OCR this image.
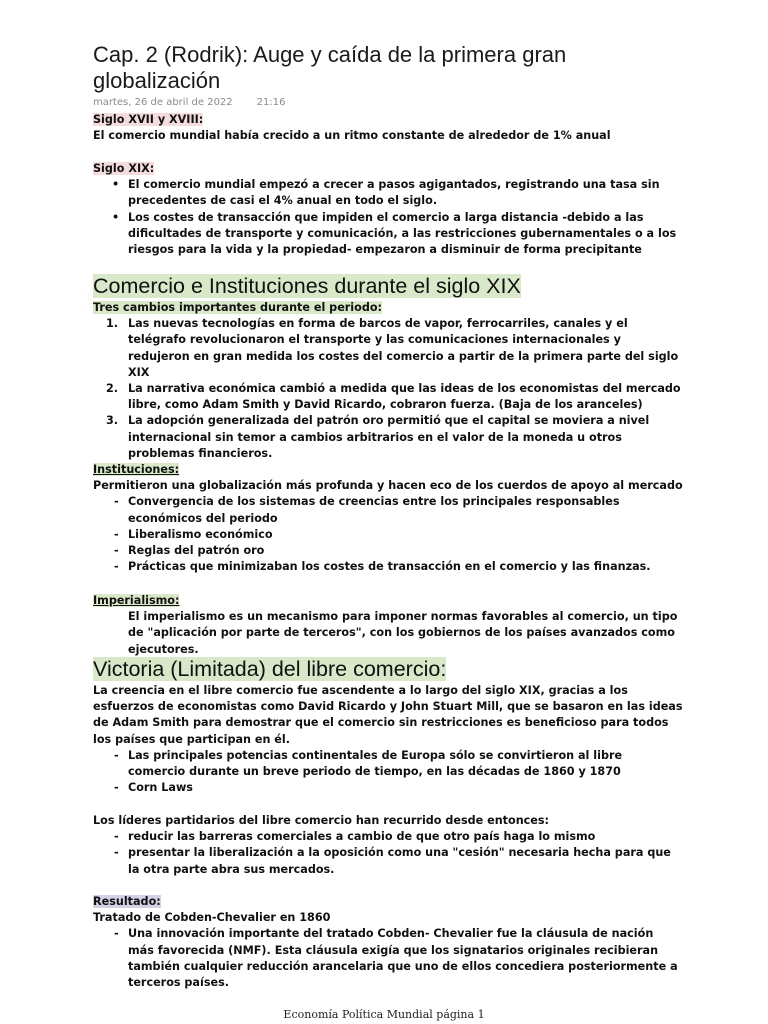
Cap. 2 (Rodrik): Auge y caída de la primera gran globalización
martes, 26 de abril de 2022 21:16
Siglo XVII y XVIII:
El comercio mundial había crecido a un ritmo constante de alrededor de 1% anual
Siglo XIX:
• El comercio mundial empezó a crecer a pasos agigantados, registrando una tasa sin precedentes de casi el 4% anual en todo el siglo.
• Los costes de transacción que impiden el comercio a larga distancia -debido a las dificultades de transporte y comunicación, a las restricciones gubernamentales o a los riesgos para la vida y la propiedad- empezaron a disminuir de forma precipitante
Comercio e Instituciones durante el siglo XIX
Tres cambios importantes durante el periodo:
1. Las nuevas tecnologías en forma de barcos de vapor, ferrocarriles, canales y el telégrafo revolucionaron el transporte y las comunicaciones internacionales y redujeron en gran medida los costes del comercio a partir de la primera parte del siglo XIX
2. La narrativa económica cambió a medida que las ideas de los economistas del mercado libre, como Adam Smith y David Ricardo, cobraron fuerza. (Baja de los aranceles)
3. La adopción generalizada del patrón oro permitió que el capital se moviera a nivel internacional sin temor a cambios arbitrarios en el valor de la moneda u otros problemas financieros.
Instituciones:
Permitieron una globalización más profunda y hacen eco de los cuerdos de apoyo al mercado
- Convergencia de los sistemas de creencias entre los principales responsables económicos del periodo
- Liberalismo económico
- Reglas del patrón oro
- Prácticas que minimizaban los costes de transacción en el comercio y las finanzas.
Imperialismo:
El imperialismo es un mecanismo para imponer normas favorables al comercio, un tipo de "aplicación por parte de terceros", con los gobiernos de los países avanzados como ejecutores.
Victoria (Limitada) del libre comercio:
La creencia en el libre comercio fue ascendente a lo largo del siglo XIX, gracias a los esfuerzos de economistas como David Ricardo y John Stuart Mill, que se basaron en las ideas de Adam Smith para demostrar que el comercio sin restricciones es beneficioso para todos los países que participan en él.
- Las principales potencias continentales de Europa sólo se convirtieron al libre comercio durante un breve periodo de tiempo, en las décadas de 1860 y 1870
- Corn Laws
Los líderes partidarios del libre comercio han recurrido desde entonces:
- reducir las barreras comerciales a cambio de que otro país haga lo mismo
- presentar la liberalización a la oposición como una "cesión" necesaria hecha para que la otra parte abra sus mercados.
Resultado:
Tratado de Cobden-Chevalier en 1860
- Una innovación importante del tratado Cobden- Chevalier fue la cláusula de nación más favorecida (NMF). Esta cláusula exigía que los signatarios originales recibieran también cualquier reducción arancelaria que uno de ellos concediera posteriormente a terceros países.
Economía Política Mundial página 1
